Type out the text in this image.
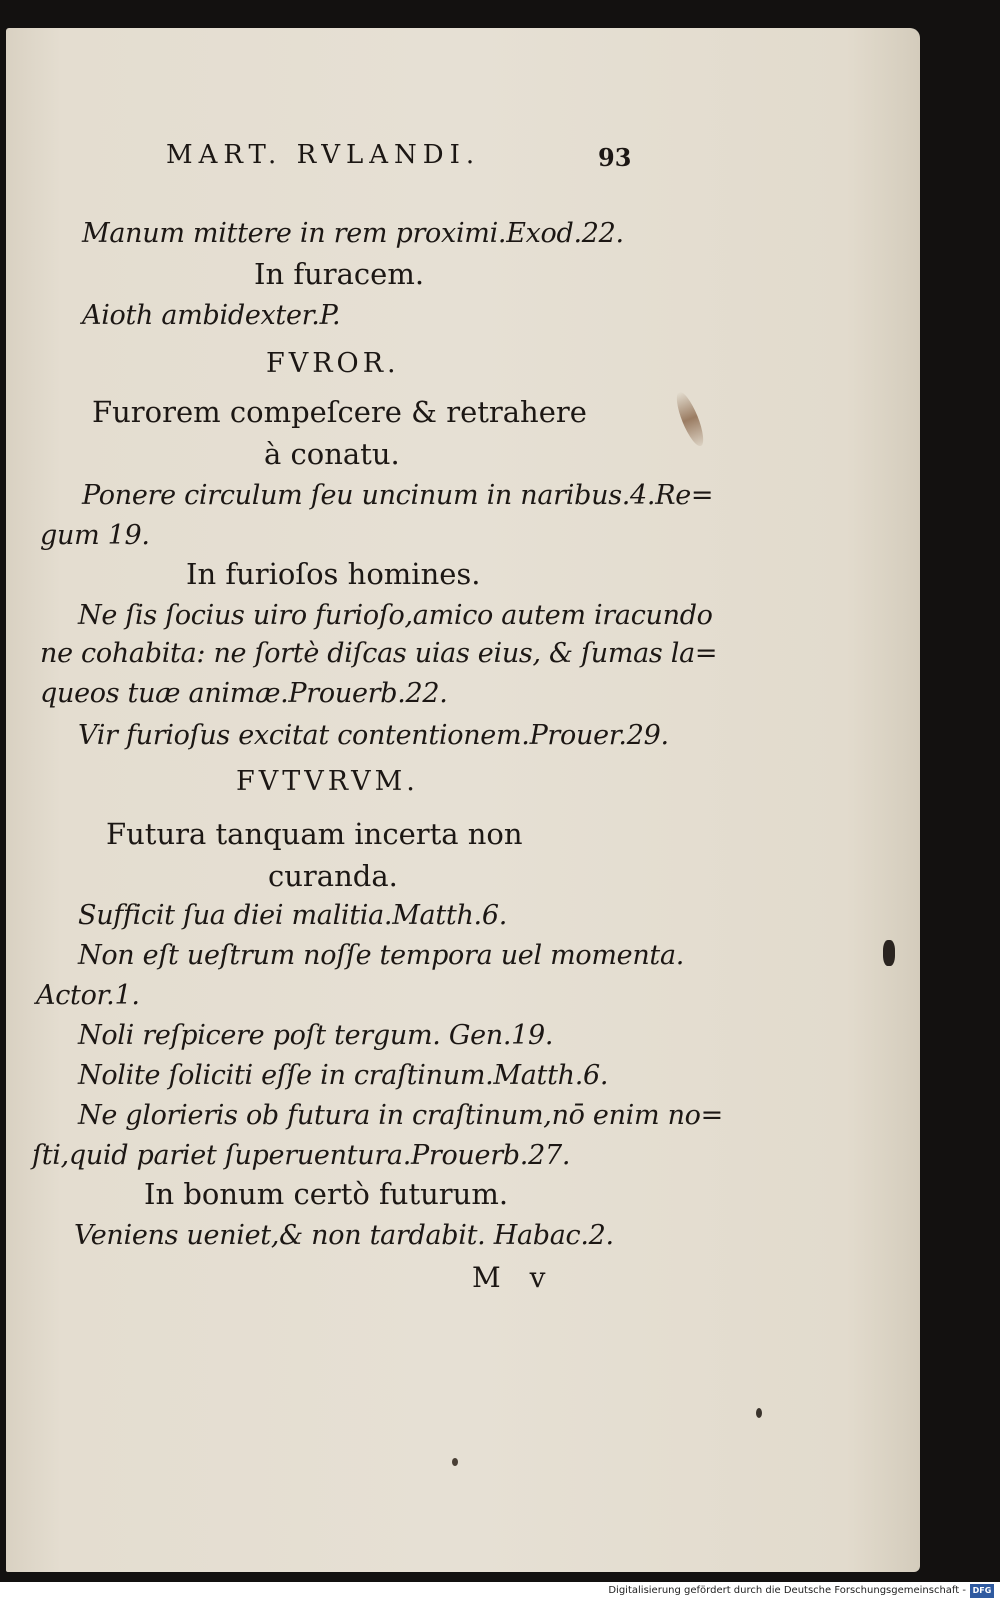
MART. RVLANDI.	93
Manum mittere in rem proximi.Exod.22.
In furacem.
Aioth ambidexter.P.
FVROR.
Furorem compeſcere & retrahere
à conatu.
Ponere circulum ſeu uncinum in naribus.4.Re=
gum 19.
In furioſos homines.
Ne ſis ſocius uiro furioſo,amico autem iracundo
ne cohabita: ne ſortè diſcas uias eius, & ſumas la=
queos tuæ animæ.Prouerb.22.
Vir furioſus excitat contentionem.Prouer.29.
FVTVRVM.
Futura tanquam incerta non
curanda.
Sufficit ſua diei malitia.Matth.6.
Non eſt ueſtrum noſſe tempora uel momenta.
Actor.1.
Noli reſpicere poſt tergum. Gen.19.
Nolite ſoliciti eſſe in craſtinum.Matth.6.
Ne glorieris ob futura in craſtinum,nō enim no=
ſti,quid pariet ſuperuentura.Prouerb.27.
In bonum certò futurum.
Veniens ueniet,& non tardabit. Habac.2.
M v
Digitalisierung gefördert durch die Deutsche Forschungsgemeinschaft - DFG
